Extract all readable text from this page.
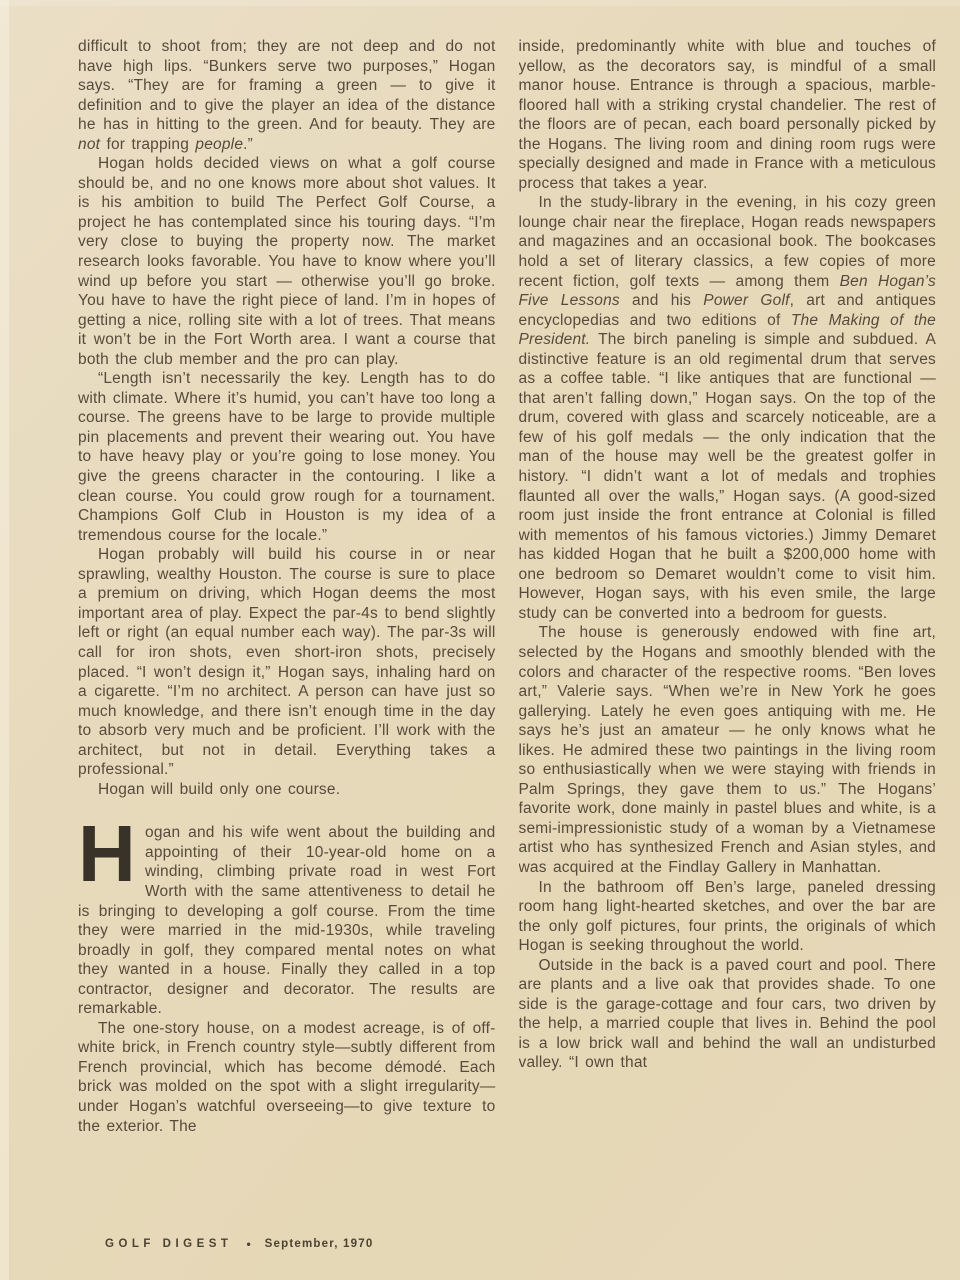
difficult to shoot from; they are not deep and do not have high lips. “Bunkers serve two purposes,” Hogan says. “They are for framing a green — to give it definition and to give the player an idea of the distance he has in hitting to the green. And for beauty. They are not for trapping people.”

Hogan holds decided views on what a golf course should be, and no one knows more about shot values. It is his ambition to build The Perfect Golf Course, a project he has contemplated since his touring days. “I’m very close to buying the property now. The market research looks favorable. You have to know where you’ll wind up before you start — otherwise you’ll go broke. You have to have the right piece of land. I’m in hopes of getting a nice, rolling site with a lot of trees. That means it won’t be in the Fort Worth area. I want a course that both the club member and the pro can play.

“Length isn’t necessarily the key. Length has to do with climate. Where it’s humid, you can’t have too long a course. The greens have to be large to provide multiple pin placements and prevent their wearing out. You have to have heavy play or you’re going to lose money. You give the greens character in the contouring. I like a clean course. You could grow rough for a tournament. Champions Golf Club in Houston is my idea of a tremendous course for the locale.”

Hogan probably will build his course in or near sprawling, wealthy Houston. The course is sure to place a premium on driving, which Hogan deems the most important area of play. Expect the par-4s to bend slightly left or right (an equal number each way). The par-3s will call for iron shots, even short-iron shots, precisely placed. “I won’t design it,” Hogan says, inhaling hard on a cigarette. “I’m no architect. A person can have just so much knowledge, and there isn’t enough time in the day to absorb very much and be proficient. I’ll work with the architect, but not in detail. Everything takes a professional.”

Hogan will build only one course.

Hogan and his wife went about the building and appointing of their 10-year-old home on a winding, climbing private road in west Fort Worth with the same attentiveness to detail he is bringing to developing a golf course. From the time they were married in the mid-1930s, while traveling broadly in golf, they compared mental notes on what they wanted in a house. Finally they called in a top contractor, designer and decorator. The results are remarkable.

The one-story house, on a modest acreage, is of off-white brick, in French country style—subtly different from French provincial, which has become démodé. Each brick was molded on the spot with a slight irregularity—under Hogan’s watchful overseeing—to give texture to the exterior. The

inside, predominantly white with blue and touches of yellow, as the decorators say, is mindful of a small manor house. Entrance is through a spacious, marble-floored hall with a striking crystal chandelier. The rest of the floors are of pecan, each board personally picked by the Hogans. The living room and dining room rugs were specially designed and made in France with a meticulous process that takes a year.

In the study-library in the evening, in his cozy green lounge chair near the fireplace, Hogan reads newspapers and magazines and an occasional book. The bookcases hold a set of literary classics, a few copies of more recent fiction, golf texts — among them Ben Hogan’s Five Lessons and his Power Golf, art and antiques encyclopedias and two editions of The Making of the President. The birch paneling is simple and subdued. A distinctive feature is an old regimental drum that serves as a coffee table. “I like antiques that are functional — that aren’t falling down,” Hogan says. On the top of the drum, covered with glass and scarcely noticeable, are a few of his golf medals — the only indication that the man of the house may well be the greatest golfer in history. “I didn’t want a lot of medals and trophies flaunted all over the walls,” Hogan says. (A good-sized room just inside the front entrance at Colonial is filled with mementos of his famous victories.) Jimmy Demaret has kidded Hogan that he built a $200,000 home with one bedroom so Demaret wouldn’t come to visit him. However, Hogan says, with his even smile, the large study can be converted into a bedroom for guests.

The house is generously endowed with fine art, selected by the Hogans and smoothly blended with the colors and character of the respective rooms. “Ben loves art,” Valerie says. “When we’re in New York he goes gallerying. Lately he even goes antiquing with me. He says he’s just an amateur — he only knows what he likes. He admired these two paintings in the living room so enthusiastically when we were staying with friends in Palm Springs, they gave them to us.” The Hogans’ favorite work, done mainly in pastel blues and white, is a semi-impressionistic study of a woman by a Vietnamese artist who has synthesized French and Asian styles, and was acquired at the Findlay Gallery in Manhattan.

In the bathroom off Ben’s large, paneled dressing room hang light-hearted sketches, and over the bar are the only golf pictures, four prints, the originals of which Hogan is seeking throughout the world.

Outside in the back is a paved court and pool. There are plants and a live oak that provides shade. To one side is the garage-cottage and four cars, two driven by the help, a married couple that lives in. Behind the pool is a low brick wall and behind the wall an undisturbed valley. “I own that

GOLF DIGEST • September, 1970
